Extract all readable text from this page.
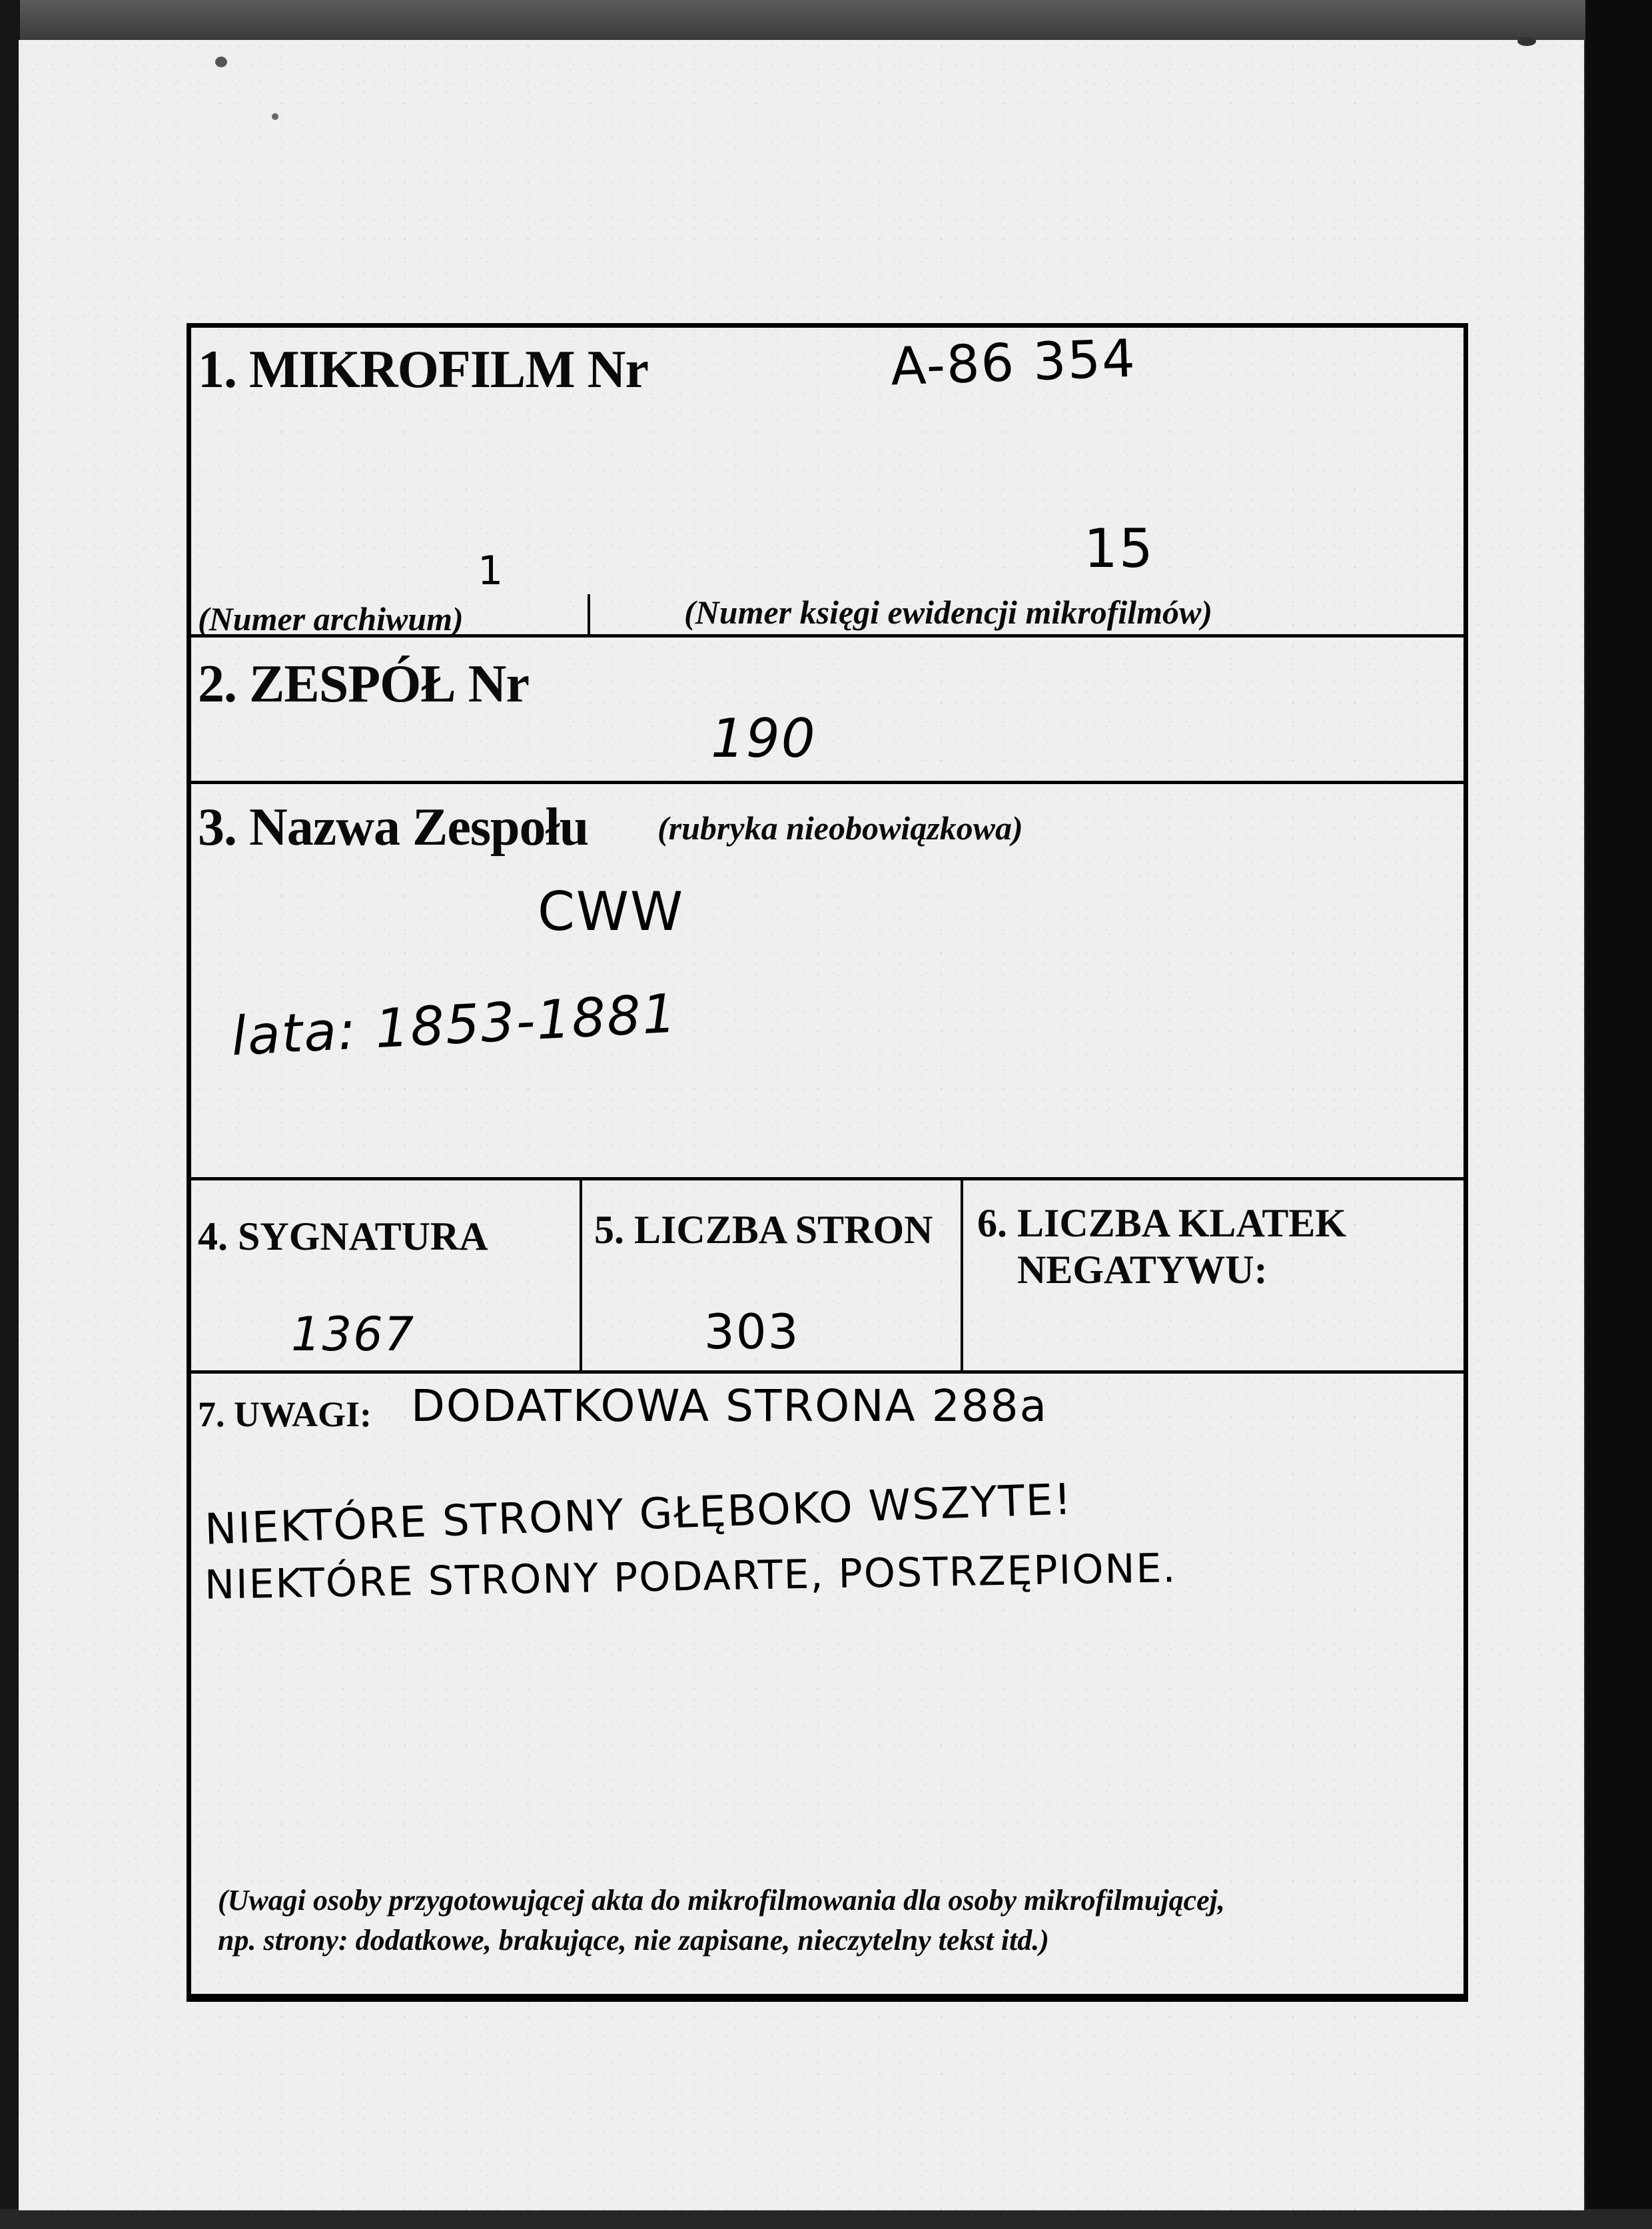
1. MIKROFILM Nr	A-86 354
1	15
(Numer archiwum)	(Numer księgi ewidencji mikrofilmów)
2. ZESPÓŁ Nr
190
3. Nazwa Zespołu (rubryka nieobowiązkowa)
CWW
lata: 1853-1881
4. SYGNATURA
1367
5. LICZBA STRON
303
6. LICZBA KLATEK
NEGATYWU:
7. UWAGI: DODATKOWA STRONA 288a
NIEKTÓRE STRONY GŁĘBOKO WSZYTE!
NIEKTÓRE STRONY PODARTE, POSTRZĘPIONE.
(Uwagi osoby przygotowującej akta do mikrofilmowania dla osoby mikrofilmującej,
np. strony: dodatkowe, brakujące, nie zapisane, nieczytelny tekst itd.)
